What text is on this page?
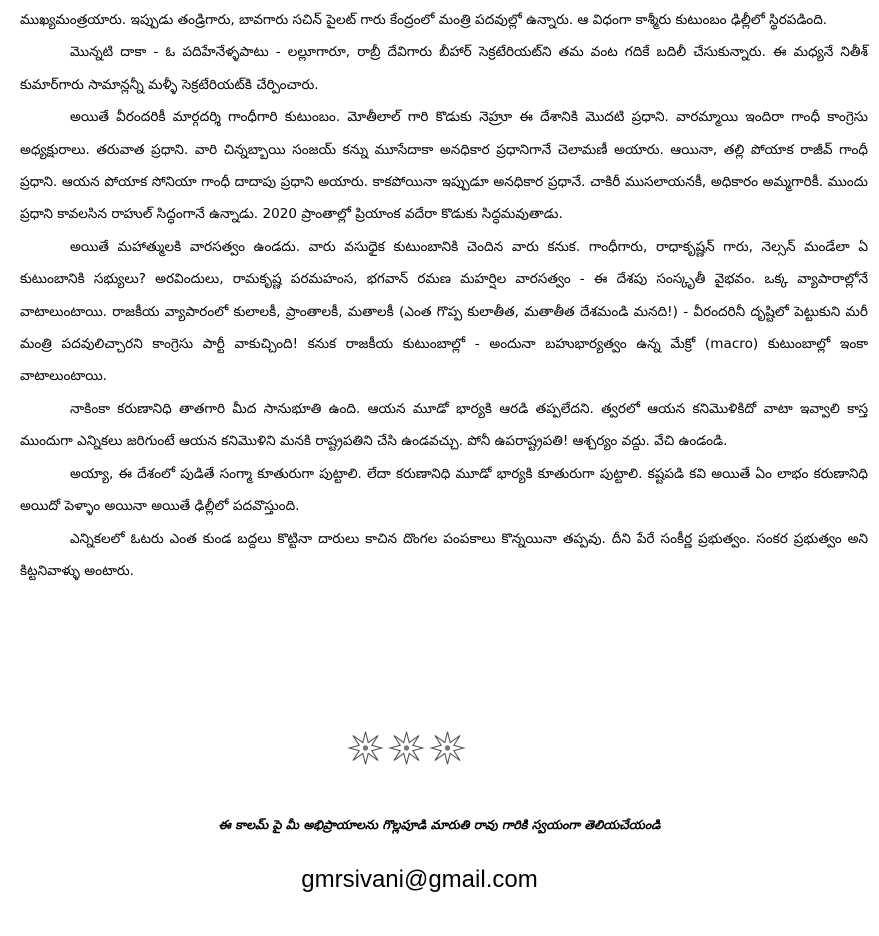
ముఖ్యమంత్రయారు. ఇప్పుడు తండ్రిగారు, బావగారు సచిన్ పైలట్ గారు కేంద్రంలో మంత్రి పదవుల్లో ఉన్నారు. ఆ విధంగా కాశ్మీరు కుటుంబం ఢిల్లీలో స్థిరపడింది.

మొన్నటి దాకా - ఓ పదిహేనేళ్ళపాటు - లల్లూగారూ, రాబ్రీ దేవిగారు బీహార్ సెక్రటేరియట్‌ని తమ వంట గదికే బదిలీ చేసుకున్నారు. ఈ మధ్యనే నితీశ్ కుమార్‌గారు సామాన్లన్నీ మళ్ళీ సెక్రటేరియట్‌కి చేర్పించారు.

అయితే వీరందరికీ మార్గదర్శి గాంధీగారి కుటుంబం. మోతీలాల్ గారి కొడుకు నెహ్రూ ఈ దేశానికి మొదటి ప్రధాని. వారమ్మాయి ఇందిరా గాంధీ కాంగ్రెసు అధ్యక్షురాలు. తరువాత ప్రధాని. వారి చిన్నబ్బాయి సంజయ్ కన్ను మూసేదాకా అనధికార ప్రధానిగానే చెలామణీ అయారు. ఆయినా, తల్లి పోయాక రాజీవ్ గాంధీ ప్రధాని. ఆయన పోయాక సోనియా గాంధీ దాదాపు ప్రధాని అయారు. కాకపోయినా ఇప్పుడూ అనధికార ప్రధానే. చాకిరీ ముసలాయనకీ, అధికారం అమ్మగారికీ. ముందు ప్రధాని కావలసిన రాహుల్ సిద్ధంగానే ఉన్నాడు. 2020 ప్రాంతాల్లో ప్రియాంక వదేరా కొడుకు సిద్ధమవుతాడు.

అయితే మహాత్ములకి వారసత్వం ఉండదు. వారు వసుధైక కుటుంబానికి చెందిన వారు కనుక. గాంధీగారు, రాధాకృష్ణన్ గారు, నెల్సన్ మండేలా ఏ కుటుంబానికి సభ్యులు? అరవిందులు, రామకృష్ణ పరమహంస, భగవాన్ రమణ మహర్షిల వారసత్వం - ఈ దేశపు సంస్కృతీ వైభవం. ఒక్క వ్యాపారాల్లోనే వాటాలుంటాయి. రాజకీయ వ్యాపారంలో కులాలకీ, ప్రాంతాలకీ, మతాలకీ (ఎంత గొప్ప కులాతీత, మతాతీత దేశమండి మనది!) - వీరందరినీ దృష్టిలో పెట్టుకుని మరీ మంత్రి పదవులిచ్చారని కాంగ్రెసు పార్టీ వాకుచ్చింది! కనుక రాజకీయ కుటుంబాల్లో - అందునా బహుభార్యత్వం ఉన్న మేక్రో (macro) కుటుంబాల్లో ఇంకా వాటాలుంటాయి.

నాకింకా కరుణానిధి తాతగారి మీద సానుభూతి ఉంది. ఆయన మూడో భార్యకి ఆరడి తప్పలేదని. త్వరలో ఆయన కనిమొళికిదో వాటా ఇవ్వాలి కాస్త ముందుగా ఎన్నికలు జరిగుంటే ఆయన కనిమొళిని మనకి రాష్ట్రపతిని చేసి ఉండవచ్చు. పోనీ ఉపరాష్ట్రపతి! ఆశ్చర్యం వద్దు. వేచి ఉండండి.

అయ్యా, ఈ దేశంలో పుడితే సంగ్మా కూతురుగా పుట్టాలి. లేదా కరుణానిధి మూడో భార్యకి కూతురుగా పుట్టాలి. కష్టపడి కవి అయితే ఏం లాభం కరుణానిధి అయిదో పెళ్ళాం అయినా అయితే ఢిల్లీలో పదవొస్తుంది.

ఎన్నికలలో ఓటరు ఎంత కుండ బద్దలు కొట్టినా దారులు కాచిన దొంగల పంపకాలు కొన్నయినా తప్పవు. దీని పేరే సంకీర్ణ ప్రభుత్వం. సంకర ప్రభుత్వం అని కిట్టనివాళ్ళు అంటారు.

ఈ కాలమ్ పై మీ అభిప్రాయాలను గొల్లపూడి మారుతి రావు గారికి స్వయంగా తెలియచేయండి
gmrsivani@gmail.com
